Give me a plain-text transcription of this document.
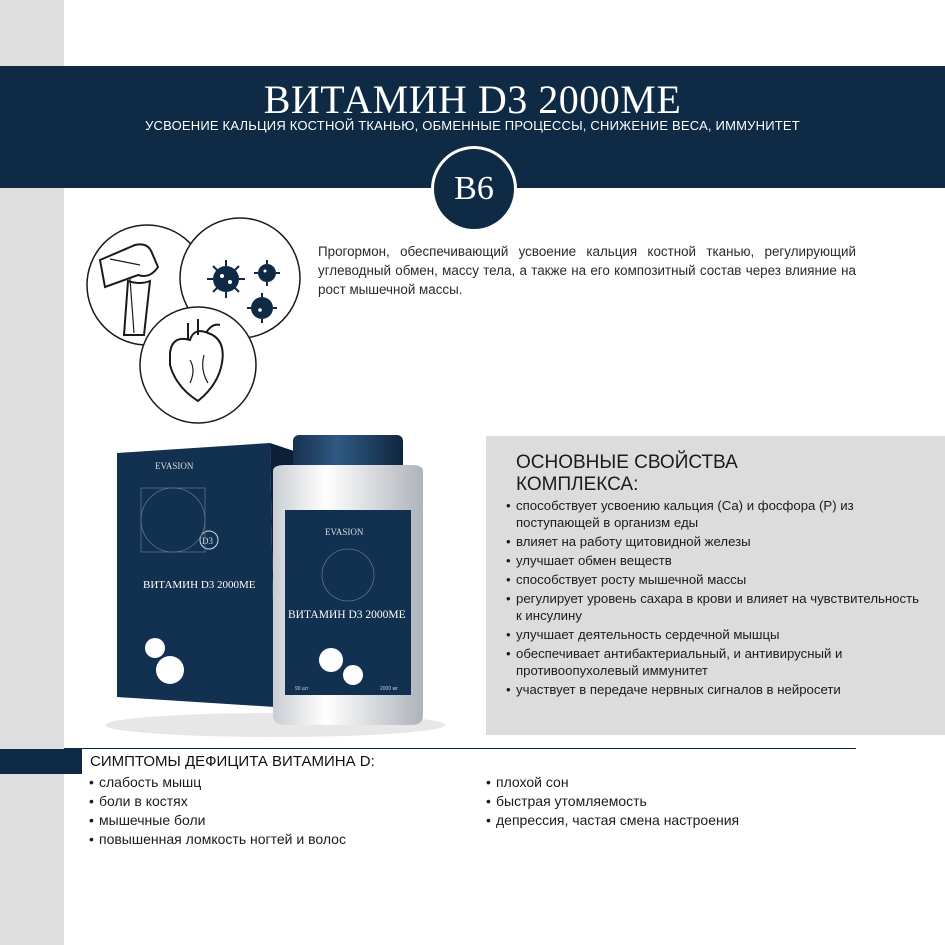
ВИТАМИН D3 2000МЕ
УСВОЕНИЕ КАЛЬЦИЯ КОСТНОЙ ТКАНЬЮ, ОБМЕННЫЕ ПРОЦЕССЫ, СНИЖЕНИЕ ВЕСА, ИММУНИТЕТ
B6
Прогормон, обеспечивающий усвоение кальция костной тканью, регулирующий углеводный обмен, массу тела, а также на его композитный состав через влияние на рост мышечной массы.
EVASION
ВИТАМИН D3 2000МЕ
D3
EVASION
ВИТАМИН D3 2000МЕ
90 шт	2000 мг
ОСНОВНЫЕ СВОЙСТВА КОМПЛЕКСА:
• способствует усвоению кальция (Ca) и фосфора (P) из поступающей в организм еды
• влияет на работу щитовидной железы
• улучшает обмен веществ
• способствует росту мышечной массы
• регулирует уровень сахара в крови и влияет на чувствительность к инсулину
• улучшает деятельность сердечной мышцы
• обеспечивает антибактериальный, и антивирусный и противоопухолевый иммунитет
• участвует в передаче нервных сигналов в нейросети
СИМПТОМЫ ДЕФИЦИТА ВИТАМИНА D:
• слабость мышц
• боли в костях
• мышечные боли
• повышенная ломкость ногтей и волос
• плохой сон
• быстрая утомляемость
• депрессия, частая смена настроения
